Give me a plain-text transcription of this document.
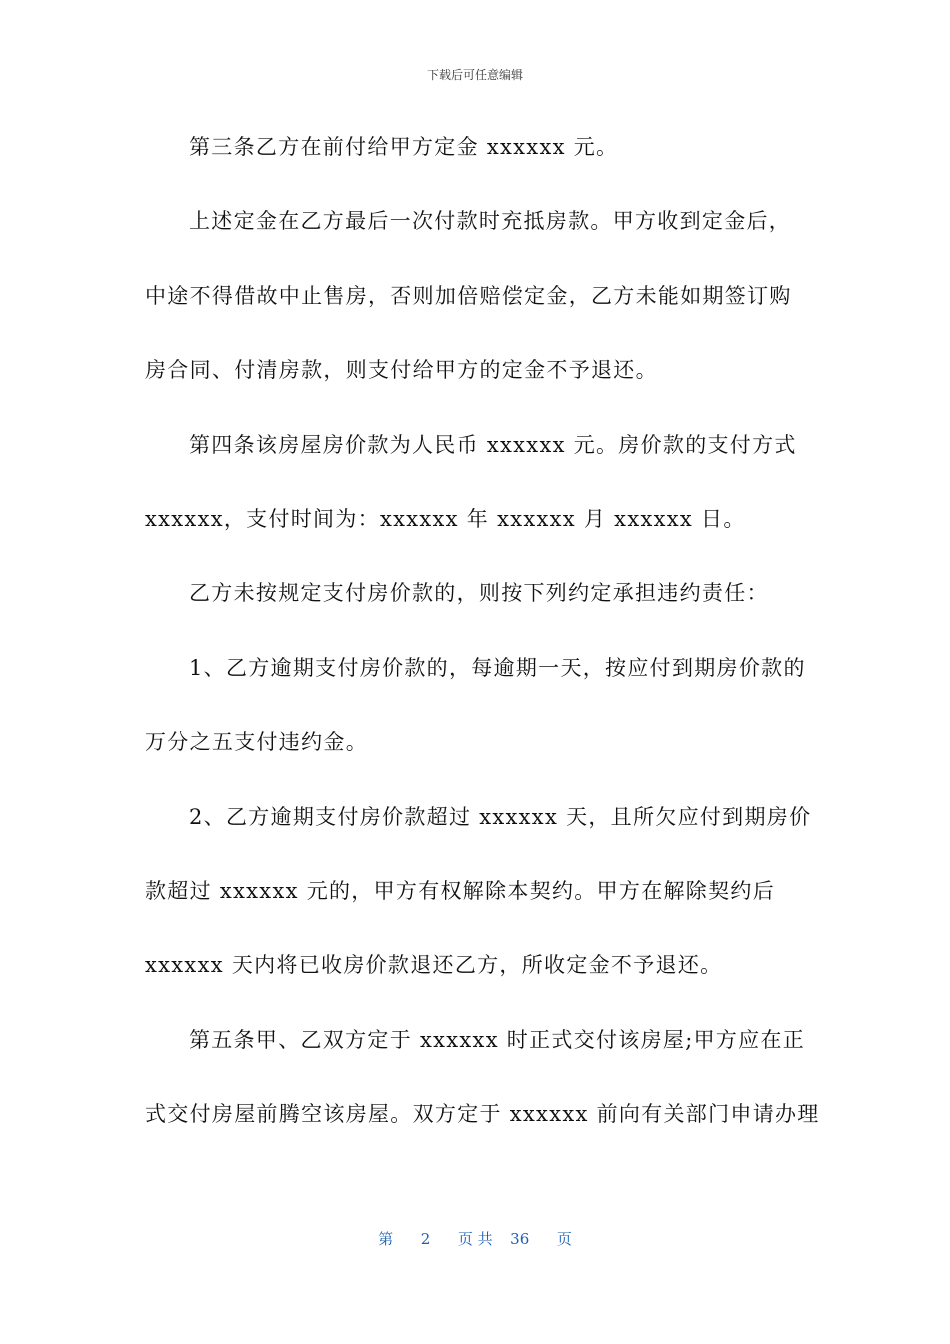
下载后可任意编辑
第三条乙方在前付给甲方定金 xxxxxx 元。
上述定金在乙方最后一次付款时充抵房款。甲方收到定金后，
中途不得借故中止售房，否则加倍赔偿定金，乙方未能如期签订购
房合同、付清房款，则支付给甲方的定金不予退还。
第四条该房屋房价款为人民币 xxxxxx 元。房价款的支付方式
xxxxxx，支付时间为：xxxxxx 年 xxxxxx 月 xxxxxx 日。
乙方未按规定支付房价款的，则按下列约定承担违约责任：
1、乙方逾期支付房价款的，每逾期一天，按应付到期房价款的
万分之五支付违约金。
2、乙方逾期支付房价款超过 xxxxxx 天，且所欠应付到期房价
款超过 xxxxxx 元的，甲方有权解除本契约。甲方在解除契约后
xxxxxx 天内将已收房价款退还乙方，所收定金不予退还。
第五条甲、乙双方定于 xxxxxx 时正式交付该房屋;甲方应在正
式交付房屋前腾空该房屋。双方定于 xxxxxx 前向有关部门申请办理
第 2 页 共 36 页
